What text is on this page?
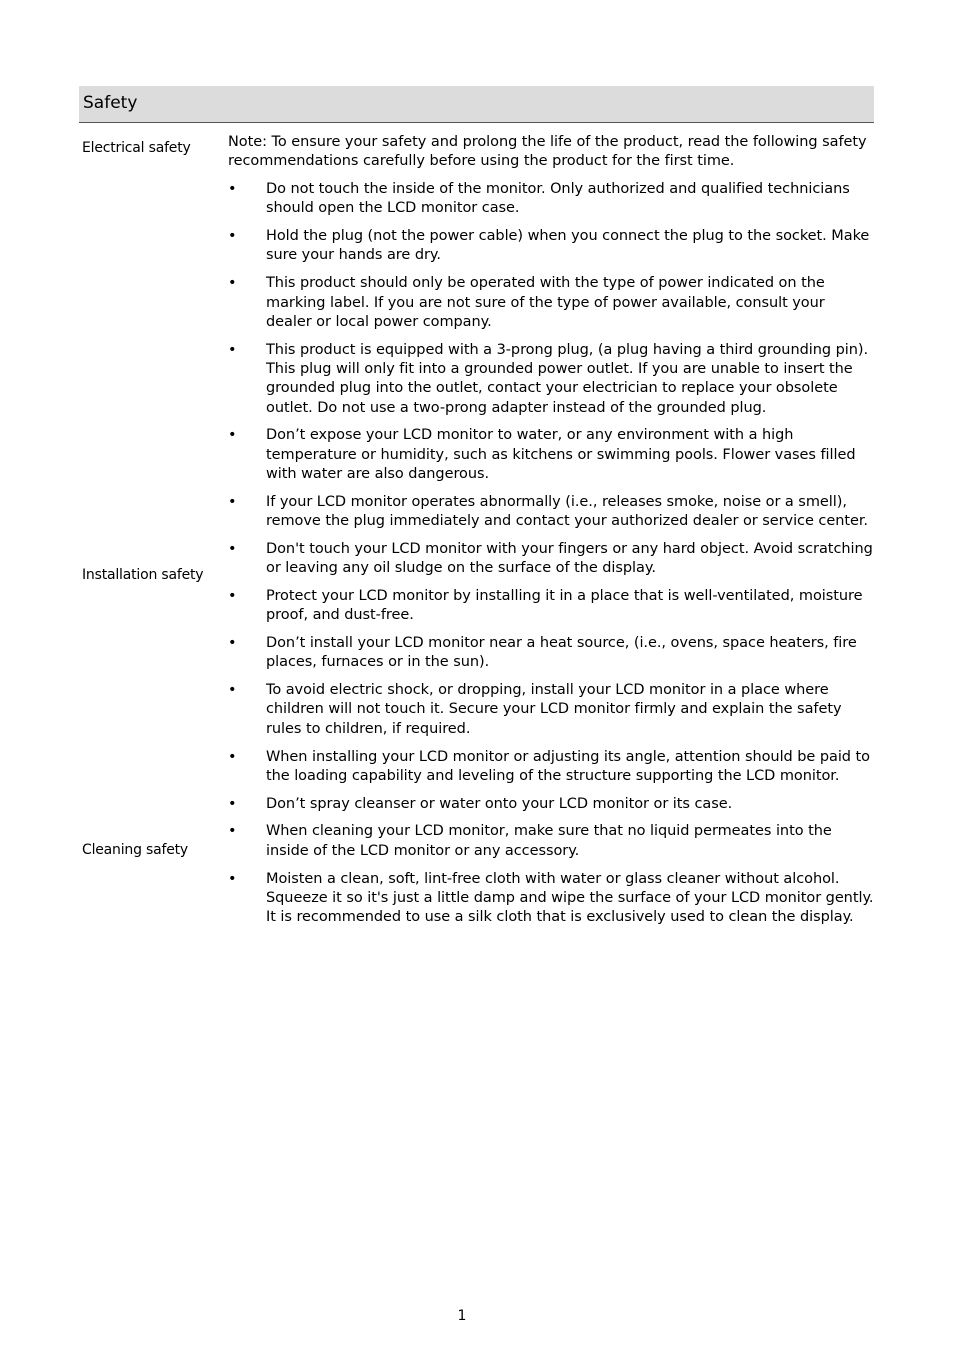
Safety
Electrical safety
Installation safety
Cleaning safety

Note: To ensure your safety and prolong the life of the product, read the following safety recommendations carefully before using the product for the first time.

• Do not touch the inside of the monitor. Only authorized and qualified technicians should open the LCD monitor case.
• Hold the plug (not the power cable) when you connect the plug to the socket. Make sure your hands are dry.
• This product should only be operated with the type of power indicated on the marking label. If you are not sure of the type of power available, consult your dealer or local power company.
• This product is equipped with a 3-prong plug, (a plug having a third grounding pin). This plug will only fit into a grounded power outlet. If you are unable to insert the grounded plug into the outlet, contact your electrician to replace your obsolete outlet. Do not use a two-prong adapter instead of the grounded plug.
• Don’t expose your LCD monitor to water, or any environment with a high temperature or humidity, such as kitchens or swimming pools. Flower vases filled with water are also dangerous.
• If your LCD monitor operates abnormally (i.e., releases smoke, noise or a smell), remove the plug immediately and contact your authorized dealer or service center.
• Don't touch your LCD monitor with your fingers or any hard object. Avoid scratching or leaving any oil sludge on the surface of the display.
• Protect your LCD monitor by installing it in a place that is well-ventilated, moisture proof, and dust-free.
• Don’t install your LCD monitor near a heat source, (i.e., ovens, space heaters, fire places, furnaces or in the sun).
• To avoid electric shock, or dropping, install your LCD monitor in a place where children will not touch it. Secure your LCD monitor firmly and explain the safety rules to children, if required.
• When installing your LCD monitor or adjusting its angle, attention should be paid to the loading capability and leveling of the structure supporting the LCD monitor.
• Don’t spray cleanser or water onto your LCD monitor or its case.
• When cleaning your LCD monitor, make sure that no liquid permeates into the inside of the LCD monitor or any accessory.
• Moisten a clean, soft, lint-free cloth with water or glass cleaner without alcohol. Squeeze it so it's just a little damp and wipe the surface of your LCD monitor gently. It is recommended to use a silk cloth that is exclusively used to clean the display.
1
